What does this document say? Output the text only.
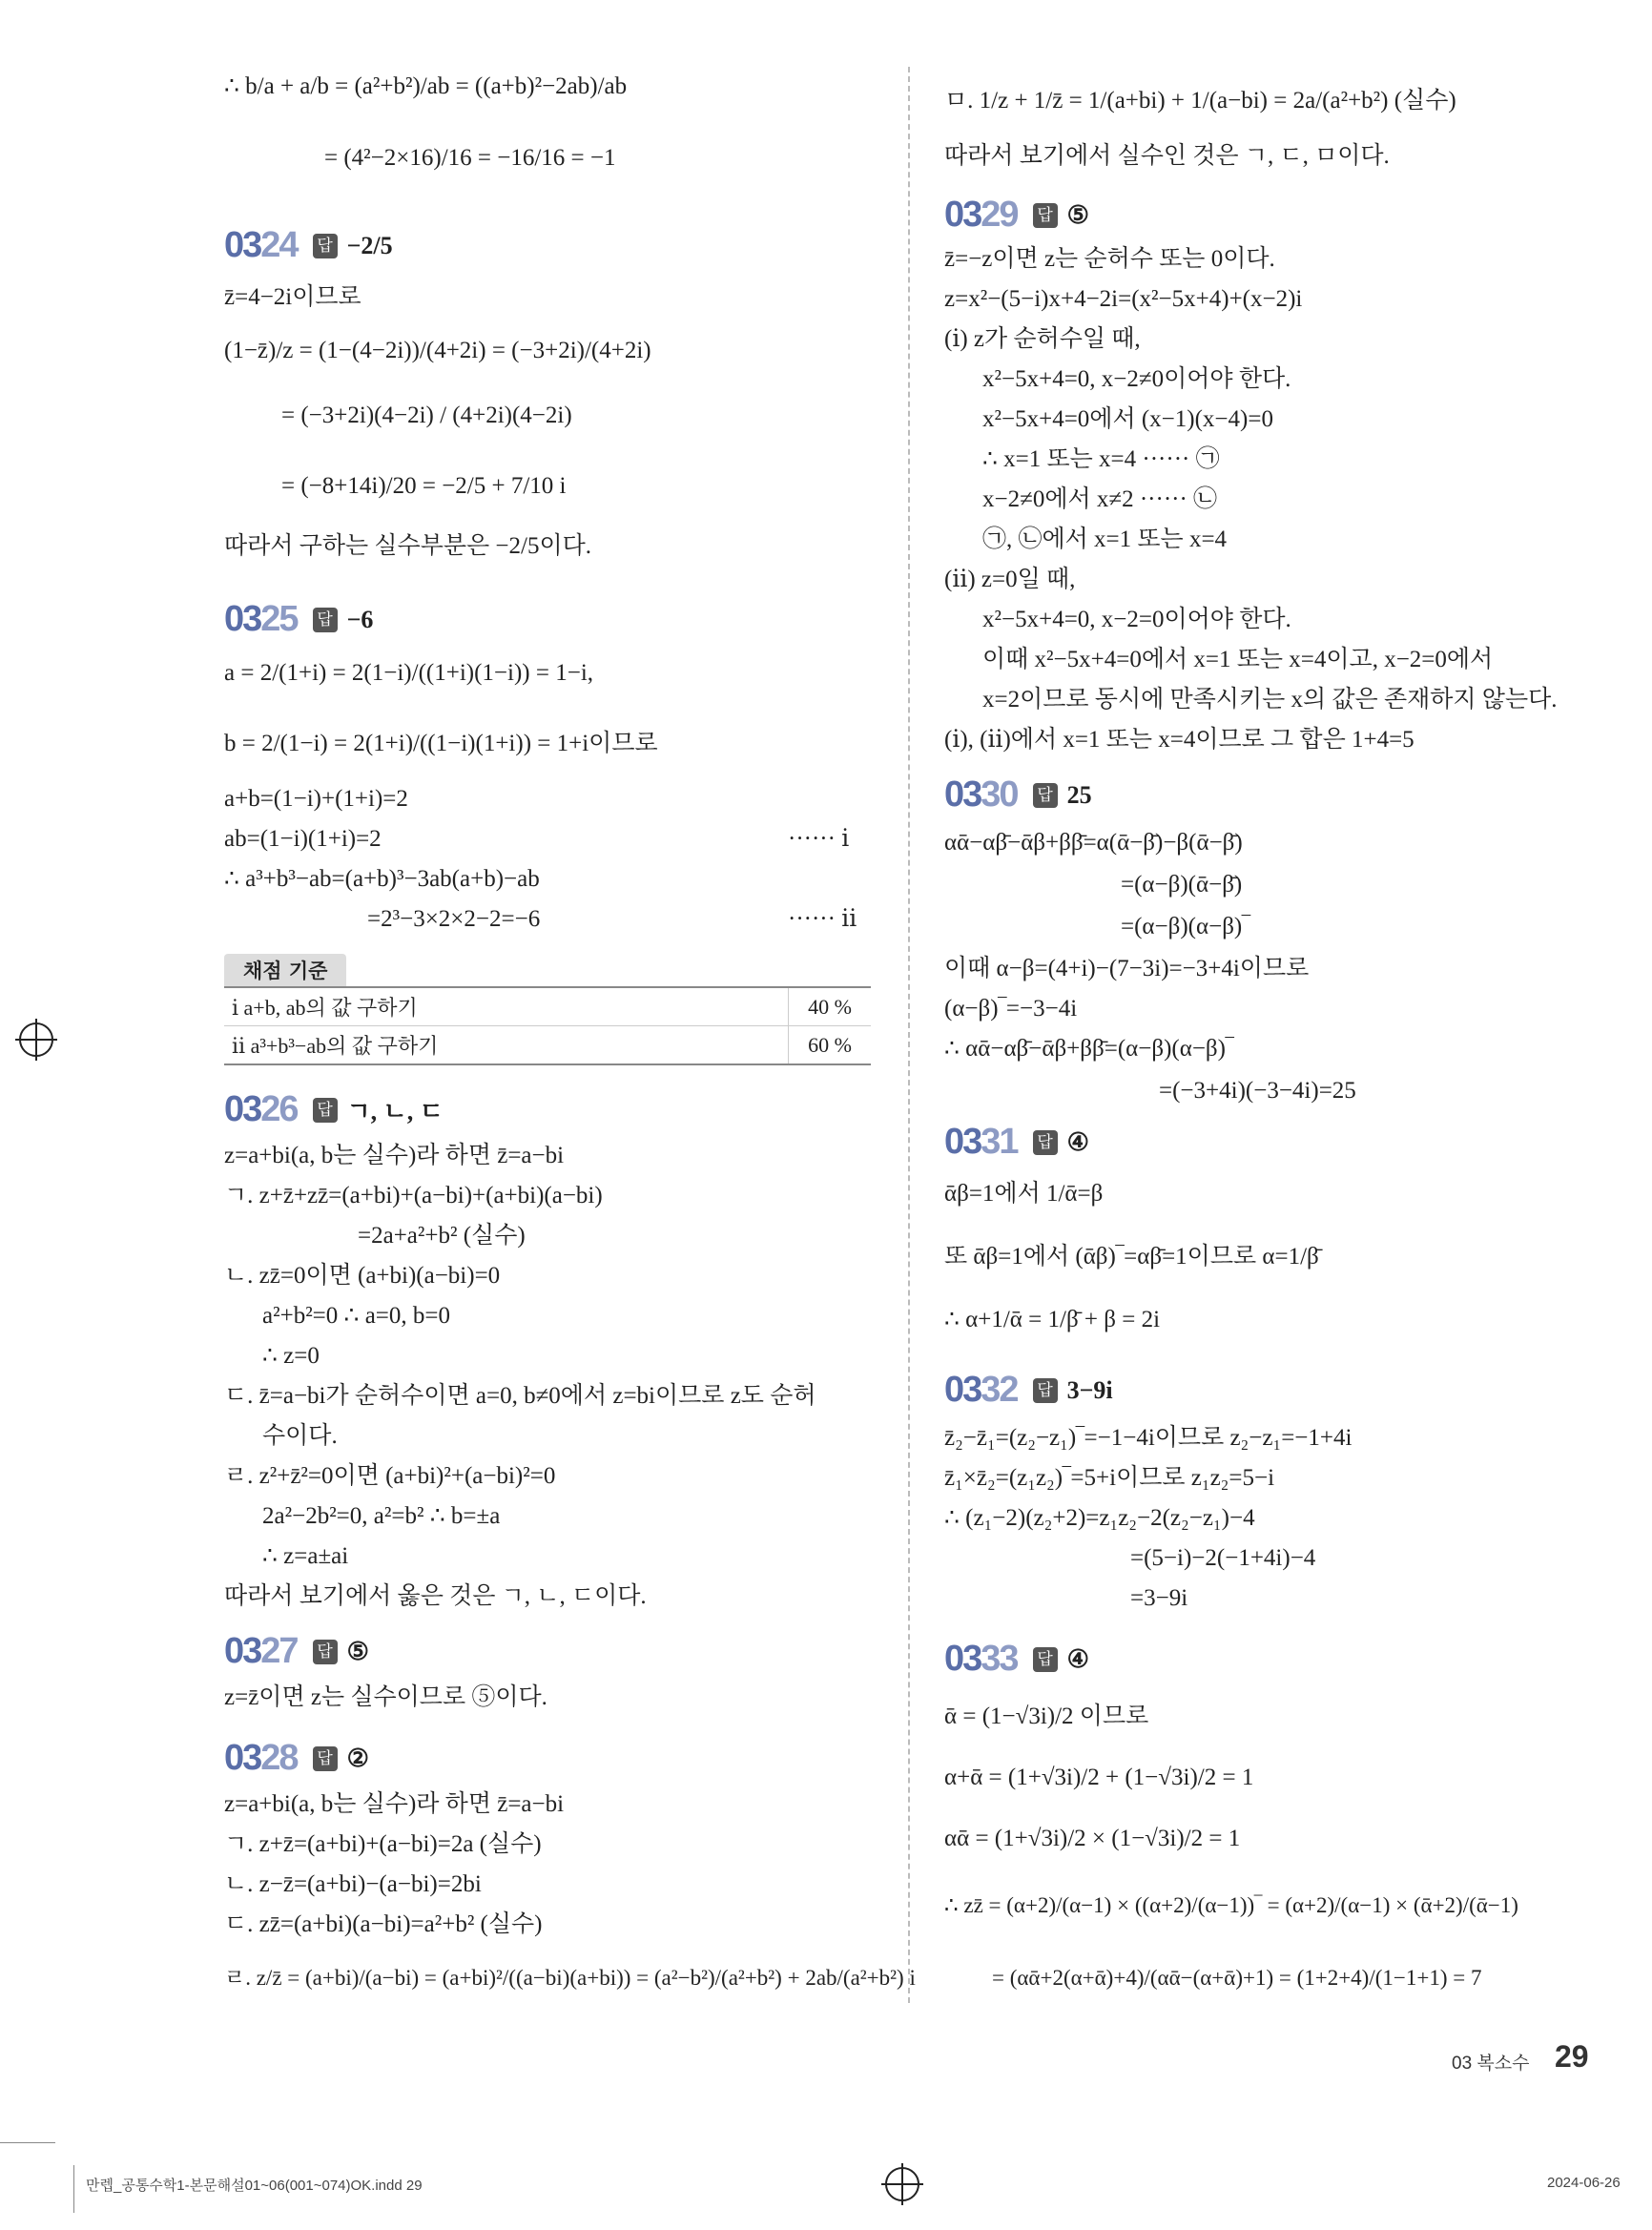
∴ b/a + a/b = (a²+b²)/ab = ((a+b)²−2ab)/ab
= (4²−2×16)/16 = −16/16 = −1
0324 답 −2/5
z̄=4−2i이므로
(1−z̄)/z = (1−(4−2i))/(4+2i) = (−3+2i)/(4+2i)
= (−3+2i)(4−2i) / (4+2i)(4−2i)
= (−8+14i)/20 = −2/5 + 7/10 i
따라서 구하는 실수부분은 −2/5이다.
0325 답 −6
a = 2/(1+i) = 2(1−i)/((1+i)(1−i)) = 1−i,
b = 2/(1−i) = 2(1+i)/((1−i)(1+i)) = 1+i이므로
a+b=(1−i)+(1+i)=2
ab=(1−i)(1+i)=2
∴ a³+b³−ab=(a+b)³−3ab(a+b)−ab
=2³−3×2×2−2=−6
······ ⅰ
······ ⅱ
채점 기준
ⅰ a+b, ab의 값 구하기	40 %
ⅱ a³+b³−ab의 값 구하기	60 %
0326 답 ㄱ, ㄴ, ㄷ
z=a+bi(a, b는 실수)라 하면 z̄=a−bi
ㄱ. z+z̄+zz̄=(a+bi)+(a−bi)+(a+bi)(a−bi)
=2a+a²+b² (실수)
ㄴ. zz̄=0이면 (a+bi)(a−bi)=0
a²+b²=0 ∴ a=0, b=0
∴ z=0
ㄷ. z̄=a−bi가 순허수이면 a=0, b≠0에서 z=bi이므로 z도 순허
수이다.
ㄹ. z²+z̄²=0이면 (a+bi)²+(a−bi)²=0
2a²−2b²=0, a²=b² ∴ b=±a
∴ z=a±ai
따라서 보기에서 옳은 것은 ㄱ, ㄴ, ㄷ이다.
0327 답 ⑤
z=z̄이면 z는 실수이므로 ⑤이다.
0328 답 ②
z=a+bi(a, b는 실수)라 하면 z̄=a−bi
ㄱ. z+z̄=(a+bi)+(a−bi)=2a (실수)
ㄴ. z−z̄=(a+bi)−(a−bi)=2bi
ㄷ. zz̄=(a+bi)(a−bi)=a²+b² (실수)
ㄹ. z/z̄ = (a+bi)/(a−bi) = (a+bi)²/((a−bi)(a+bi)) = (a²−b²)/(a²+b²) + 2ab/(a²+b²) i
ㅁ. 1/z + 1/z̄ = 1/(a+bi) + 1/(a−bi) = 2a/(a²+b²) (실수)
따라서 보기에서 실수인 것은 ㄱ, ㄷ, ㅁ이다.
0329 답 ⑤
z̄=−z이면 z는 순허수 또는 0이다.
z=x²−(5−i)x+4−2i=(x²−5x+4)+(x−2)i
(ⅰ) z가 순허수일 때,
x²−5x+4=0, x−2≠0이어야 한다.
x²−5x+4=0에서 (x−1)(x−4)=0
∴ x=1 또는 x=4 ······ ㉠
x−2≠0에서 x≠2 ······ ㉡
㉠, ㉡에서 x=1 또는 x=4
(ⅱ) z=0일 때,
x²−5x+4=0, x−2=0이어야 한다.
이때 x²−5x+4=0에서 x=1 또는 x=4이고, x−2=0에서
x=2이므로 동시에 만족시키는 x의 값은 존재하지 않는다.
(ⅰ), (ⅱ)에서 x=1 또는 x=4이므로 그 합은 1+4=5
0330 답 25
αᾱ−αβ̄−ᾱβ+ββ̄=α(ᾱ−β̄)−β(ᾱ−β̄)
=(α−β)(ᾱ−β̄)
=(α−β)(α−β)‾
이때 α−β=(4+i)−(7−3i)=−3+4i이므로
(α−β)‾=−3−4i
∴ αᾱ−αβ̄−ᾱβ+ββ̄=(α−β)(α−β)‾
=(−3+4i)(−3−4i)=25
0331 답 ④
ᾱβ=1에서 1/ᾱ=β
또 ᾱβ=1에서 (ᾱβ)‾=αβ̄=1이므로 α=1/β̄
∴ α+1/ᾱ = 1/β̄ + β = 2i
0332 답 3−9i
z̄₂−z̄₁=(z₂−z₁)‾=−1−4i이므로 z₂−z₁=−1+4i
z̄₁×z̄₂=(z₁z₂)‾=5+i이므로 z₁z₂=5−i
∴ (z₁−2)(z₂+2)=z₁z₂−2(z₂−z₁)−4
=(5−i)−2(−1+4i)−4
=3−9i
0333 답 ④
ᾱ = (1−√3i)/2 이므로
α+ᾱ = (1+√3i)/2 + (1−√3i)/2 = 1
αᾱ = (1+√3i)/2 × (1−√3i)/2 = 1
∴ zz̄ = (α+2)/(α−1) × ((α+2)/(α−1))‾ = (α+2)/(α−1) × (ᾱ+2)/(ᾱ−1)
= (αᾱ+2(α+ᾱ)+4)/(αᾱ−(α+ᾱ)+1) = (1+2+4)/(1−1+1) = 7
03 복소수 29
만렙_공통수학1-본문해설01~06(001~074)OK.indd 29	2024-06-26
